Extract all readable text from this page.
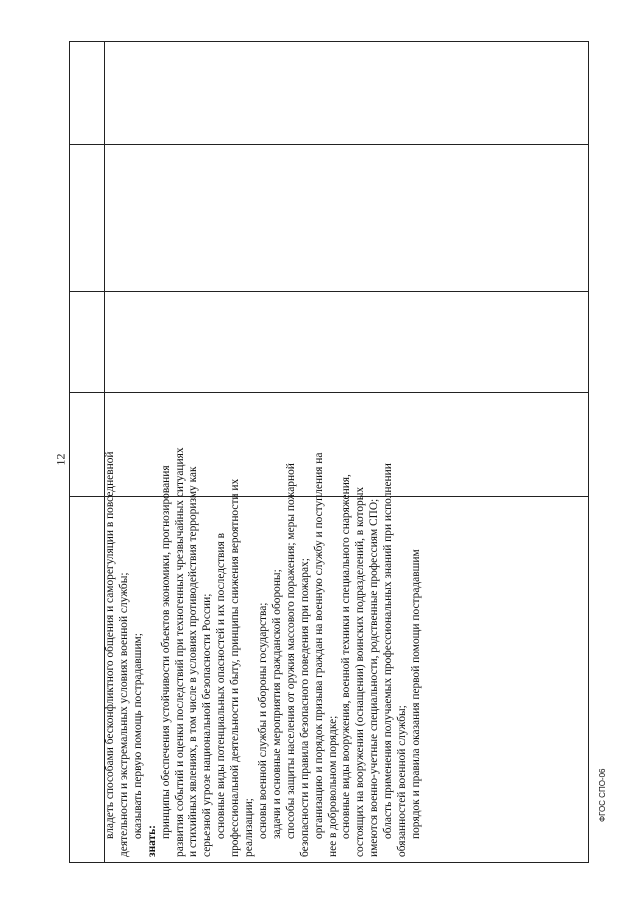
владеть способами бесконфликтного общения и саморегуляции в повседневной деятельности и экстремальных условиях военной службы; оказывать первую помощь пострадавшим;

знать:

принципы обеспечения устойчивости объектов экономики, прогнозирования развития событий и оценки последствий при техногенных чрезвычайных ситуациях и стихийных явлениях, в том числе в условиях противодействия терроризму как серьезной угрозе национальной безопасности России; основные виды потенциальных опасностей и их последствия в профессиональной деятельности и быту, принципы снижения вероятности их реализации; основы военной службы и обороны государства; задачи и основные мероприятия гражданской обороны; способы защиты населения от оружия массового поражения; меры пожарной безопасности и правила безопасного поведения при пожарах; организацию и порядок призыва граждан на военную службу и поступления на нее в добровольном порядке; основные виды вооружения, военной техники и специального снаряжения, состоящих на вооружении (оснащении) воинских подразделений, в которых имеются военно-учетные специальности, родственные профессиям СПО; область применения получаемых профессиональных знаний при исполнении обязанностей военной службы; порядок и правила оказания первой помощи пострадавшим

12
ФГОС СПО-06
